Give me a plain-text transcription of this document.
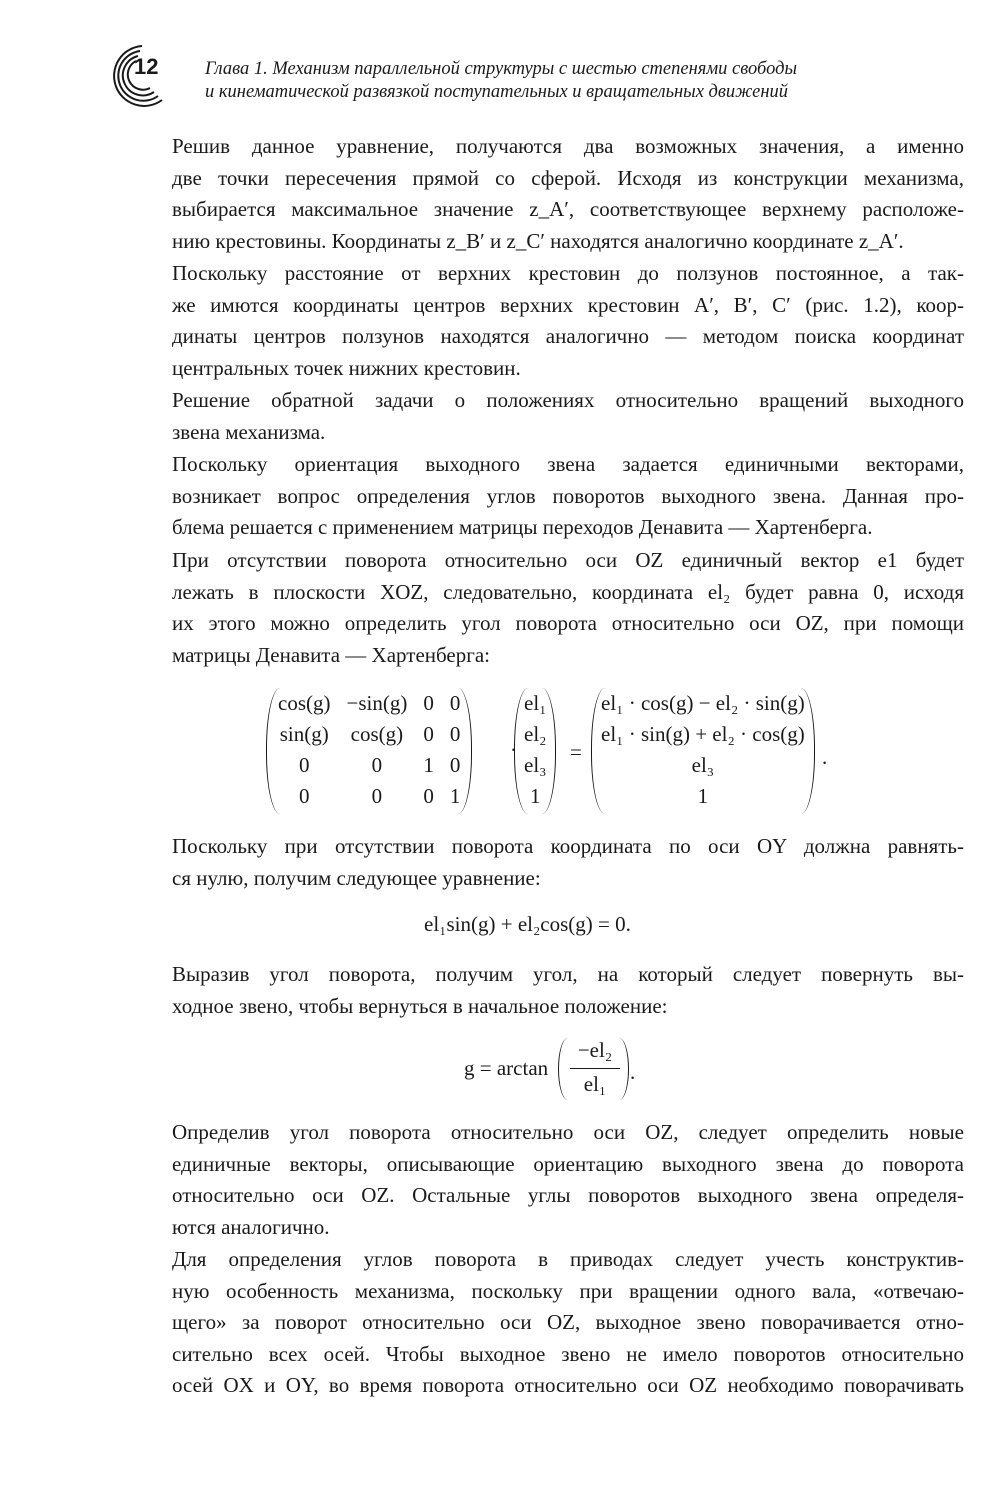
12	Глава 1. Механизм параллельной структуры с шестью степенями свободы
и кинематической развязкой поступательных и вращательных движений
Решив данное уравнение, получаются два возможных значения, а именно
две точки пересечения прямой со сферой. Исходя из конструкции механизма,
выбирается максимальное значение z_A′, соответствующее верхнему расположе-
нию крестовины. Координаты z_B′ и z_C′ находятся аналогично координате z_A′.
Поскольку расстояние от верхних крестовин до ползунов постоянное, а так-
же имются координаты центров верхних крестовин A′, B′, C′ (рис. 1.2), коор-
динаты центров ползунов находятся аналогично — методом поиска координат
центральных точек нижних крестовин.
Решение обратной задачи о положениях относительно вращений выходного
звена механизма.
Поскольку ориентация выходного звена задается единичными векторами,
возникает вопрос определения углов поворотов выходного звена. Данная про-
блема решается с применением матрицы переходов Денавита — Хартенберга.
При отсутствии поворота относительно оси OZ единичный вектор e1 будет
лежать в плоскости XOZ, следовательно, координата el₂ будет равна 0, исходя
их этого можно определить угол поворота относительно оси OZ, при помощи
матрицы Денавита — Хартенберга:
cos(g)	−sin(g)	0	0
sin(g)	cos(g)	0	0
0	0	1	0
0	0	0	1
·
el₁
el₂
el₃
1
=
el₁ · cos(g) − el₂ · sin(g)
el₁ · sin(g) + el₂ · cos(g)
el₃
1
.
Поскольку при отсутствии поворота координата по оси OY должна равнять-
ся нулю, получим следующее уравнение:
el₁sin(g) + el₂cos(g) = 0.
Выразив угол поворота, получим угол, на который следует повернуть вы-
ходное звено, чтобы вернуться в начальное положение:
g = arctan
−el₂
el₁	.
Определив угол поворота относительно оси OZ, следует определить новые
единичные векторы, описывающие ориентацию выходного звена до поворота
относительно оси OZ. Остальные углы поворотов выходного звена определя-
ются аналогично.
Для определения углов поворота в приводах следует учесть конструктив-
ную особенность механизма, поскольку при вращении одного вала, «отвечаю-
щего» за поворот относительно оси OZ, выходное звено поворачивается отно-
сительно всех осей. Чтобы выходное звено не имело поворотов относительно
осей OX и OY, во время поворота относительно оси OZ необходимо поворачивать
